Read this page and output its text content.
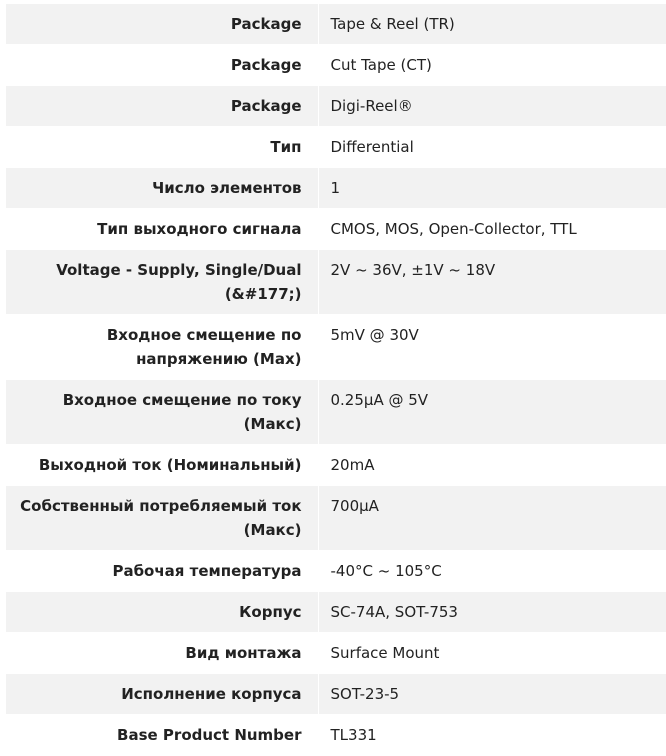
Package	Tape & Reel (TR)
Package	Cut Tape (CT)
Package	Digi-Reel®
Тип	Differential
Число элементов	1
Тип выходного сигнала	CMOS, MOS, Open-Collector, TTL
Voltage - Supply, Single/Dual (&#177;)	2V ~ 36V, ±1V ~ 18V
Входное смещение по напряжению (Max)	5mV @ 30V
Входное смещение по току (Макс)	0.25µA @ 5V
Выходной ток (Номинальный)	20mA
Собственный потребляемый ток (Макс)	700µA
Рабочая температура	-40°C ~ 105°C
Корпус	SC-74A, SOT-753
Вид монтажа	Surface Mount
Исполнение корпуса	SOT-23-5
Base Product Number	TL331
